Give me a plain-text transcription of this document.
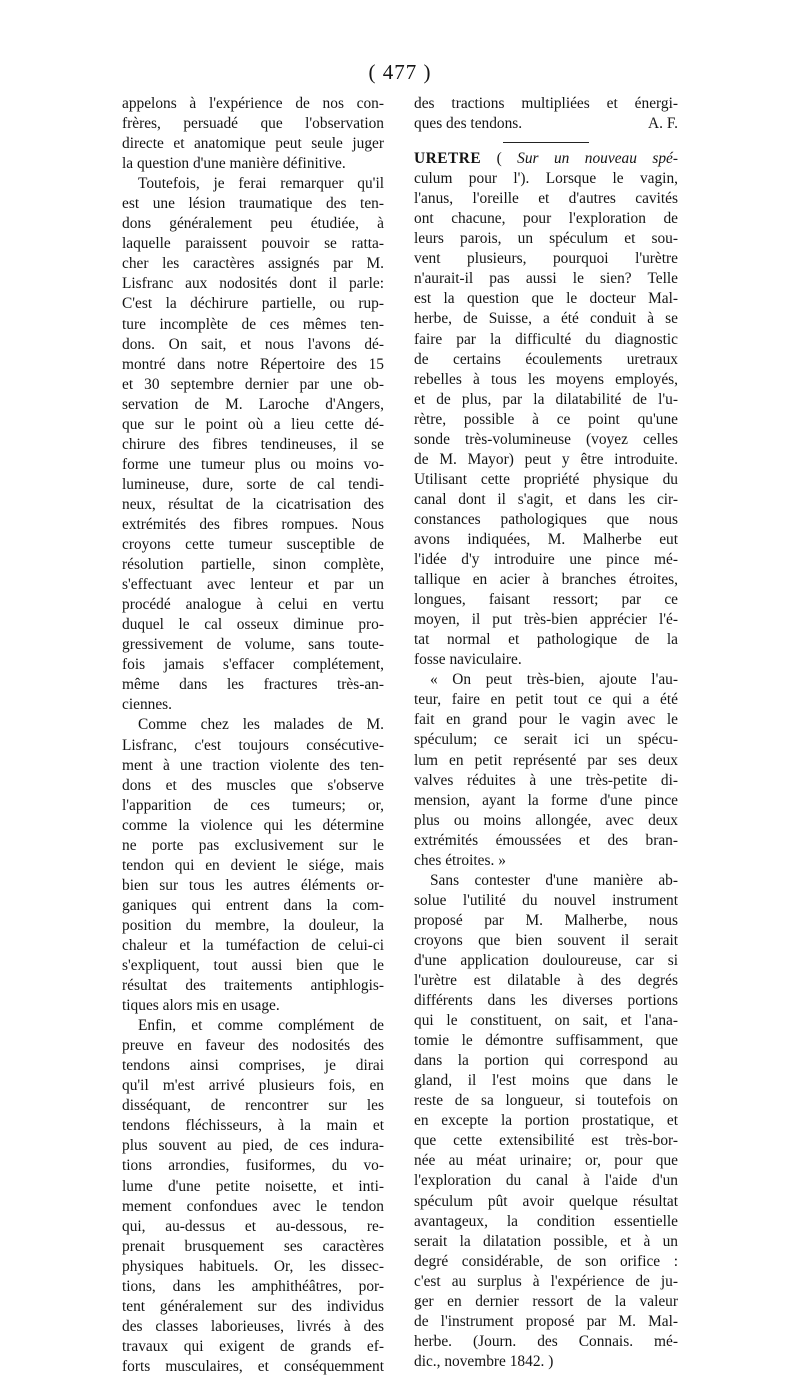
( 477 )
appelons à l'expérience de nos con-
frères, persuadé que l'observation
directe et anatomique peut seule juger
la question d'une manière définitive.
Toutefois, je ferai remarquer qu'il
est une lésion traumatique des ten-
dons généralement peu étudiée, à
laquelle paraissent pouvoir se ratta-
cher les caractères assignés par M.
Lisfranc aux nodosités dont il parle:
C'est la déchirure partielle, ou rup-
ture incomplète de ces mêmes ten-
dons. On sait, et nous l'avons dé-
montré dans notre Répertoire des 15
et 30 septembre dernier par une ob-
servation de M. Laroche d'Angers,
que sur le point où a lieu cette dé-
chirure des fibres tendineuses, il se
forme une tumeur plus ou moins vo-
lumineuse, dure, sorte de cal tendi-
neux, résultat de la cicatrisation des
extrémités des fibres rompues. Nous
croyons cette tumeur susceptible de
résolution partielle, sinon complète,
s'effectuant avec lenteur et par un
procédé analogue à celui en vertu
duquel le cal osseux diminue pro-
gressivement de volume, sans toute-
fois jamais s'effacer complétement,
même dans les fractures très-an-
ciennes.
Comme chez les malades de M.
Lisfranc, c'est toujours consécutive-
ment à une traction violente des ten-
dons et des muscles que s'observe
l'apparition de ces tumeurs; or,
comme la violence qui les détermine
ne porte pas exclusivement sur le
tendon qui en devient le siége, mais
bien sur tous les autres éléments or-
ganiques qui entrent dans la com-
position du membre, la douleur, la
chaleur et la tuméfaction de celui-ci
s'expliquent, tout aussi bien que le
résultat des traitements antiphlogis-
tiques alors mis en usage.
Enfin, et comme complément de
preuve en faveur des nodosités des
tendons ainsi comprises, je dirai
qu'il m'est arrivé plusieurs fois, en
disséquant, de rencontrer sur les
tendons fléchisseurs, à la main et
plus souvent au pied, de ces indura-
tions arrondies, fusiformes, du vo-
lume d'une petite noisette, et inti-
mement confondues avec le tendon
qui, au-dessus et au-dessous, re-
prenait brusquement ses caractères
physiques habituels. Or, les dissec-
tions, dans les amphithéâtres, por-
tent généralement sur des individus
des classes laborieuses, livrés à des
travaux qui exigent de grands ef-
forts musculaires, et conséquemment
des tractions multipliées et énergi-
ques des tendons.	A. F.
URETRE ( Sur un nouveau spé-
culum pour l'). Lorsque le vagin,
l'anus, l'oreille et d'autres cavités
ont chacune, pour l'exploration de
leurs parois, un spéculum et sou-
vent plusieurs, pourquoi l'urètre
n'aurait-il pas aussi le sien? Telle
est la question que le docteur Mal-
herbe, de Suisse, a été conduit à se
faire par la difficulté du diagnostic
de certains écoulements uretraux
rebelles à tous les moyens employés,
et de plus, par la dilatabilité de l'u-
rètre, possible à ce point qu'une
sonde très-volumineuse (voyez celles
de M. Mayor) peut y être introduite.
Utilisant cette propriété physique du
canal dont il s'agit, et dans les cir-
constances pathologiques que nous
avons indiquées, M. Malherbe eut
l'idée d'y introduire une pince mé-
tallique en acier à branches étroites,
longues, faisant ressort; par ce
moyen, il put très-bien apprécier l'é-
tat normal et pathologique de la
fosse naviculaire.
« On peut très-bien, ajoute l'au-
teur, faire en petit tout ce qui a été
fait en grand pour le vagin avec le
spéculum; ce serait ici un spécu-
lum en petit représenté par ses deux
valves réduites à une très-petite di-
mension, ayant la forme d'une pince
plus ou moins allongée, avec deux
extrémités émoussées et des bran-
ches étroites. »
Sans contester d'une manière ab-
solue l'utilité du nouvel instrument
proposé par M. Malherbe, nous
croyons que bien souvent il serait
d'une application douloureuse, car si
l'urètre est dilatable à des degrés
différents dans les diverses portions
qui le constituent, on sait, et l'ana-
tomie le démontre suffisamment, que
dans la portion qui correspond au
gland, il l'est moins que dans le
reste de sa longueur, si toutefois on
en excepte la portion prostatique, et
que cette extensibilité est très-bor-
née au méat urinaire; or, pour que
l'exploration du canal à l'aide d'un
spéculum pût avoir quelque résultat
avantageux, la condition essentielle
serait la dilatation possible, et à un
degré considérable, de son orifice :
c'est au surplus à l'expérience de ju-
ger en dernier ressort de la valeur
de l'instrument proposé par M. Mal-
herbe. (Journ. des Connais. mé-
dic., novembre 1842. )
